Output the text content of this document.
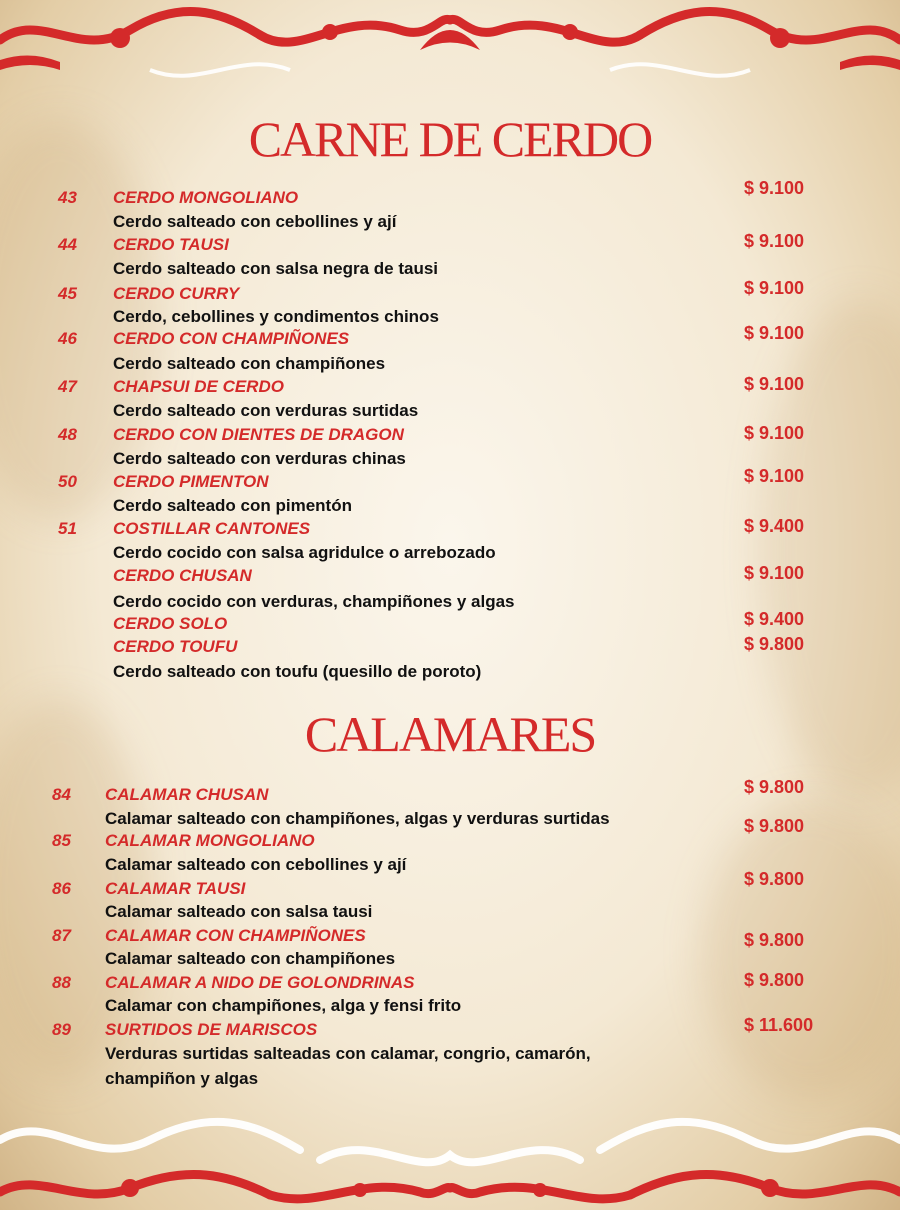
CARNE DE CERDO
43 CERDO MONGOLIANO
Cerdo salteado con cebollines y ají
$ 9.100
44 CERDO TAUSI
Cerdo salteado con salsa negra de tausi
$ 9.100
45 CERDO CURRY
Cerdo, cebollines y condimentos chinos
$ 9.100
46 CERDO CON CHAMPIÑONES
Cerdo salteado con champiñones
$ 9.100
47 CHAPSUI DE CERDO
Cerdo salteado con verduras surtidas
$ 9.100
48 CERDO CON DIENTES DE DRAGON
Cerdo salteado con verduras chinas
$ 9.100
50 CERDO PIMENTON
Cerdo salteado con pimentón
$ 9.100
51 COSTILLAR CANTONES
Cerdo cocido con salsa agridulce o arrebozado
$ 9.400
CERDO CHUSAN
Cerdo cocido con verduras, champiñones y algas
$ 9.100
CERDO SOLO	$ 9.400
CERDO TOUFU
Cerdo salteado con toufu (quesillo de poroto)
$ 9.800
CALAMARES
84 CALAMAR CHUSAN
Calamar salteado con champiñones, algas y verduras surtidas
$ 9.800
85 CALAMAR MONGOLIANO
Calamar salteado con cebollines y ají
$ 9.800
86 CALAMAR TAUSI
Calamar salteado con salsa tausi
$ 9.800
87 CALAMAR CON CHAMPIÑONES
Calamar salteado con champiñones
$ 9.800
88 CALAMAR A NIDO DE GOLONDRINAS
Calamar con champiñones, alga y fensi frito
$ 9.800
89 SURTIDOS DE MARISCOS
Verduras surtidas salteadas con calamar, congrio, camarón,
champiñon y algas
$ 11.600
